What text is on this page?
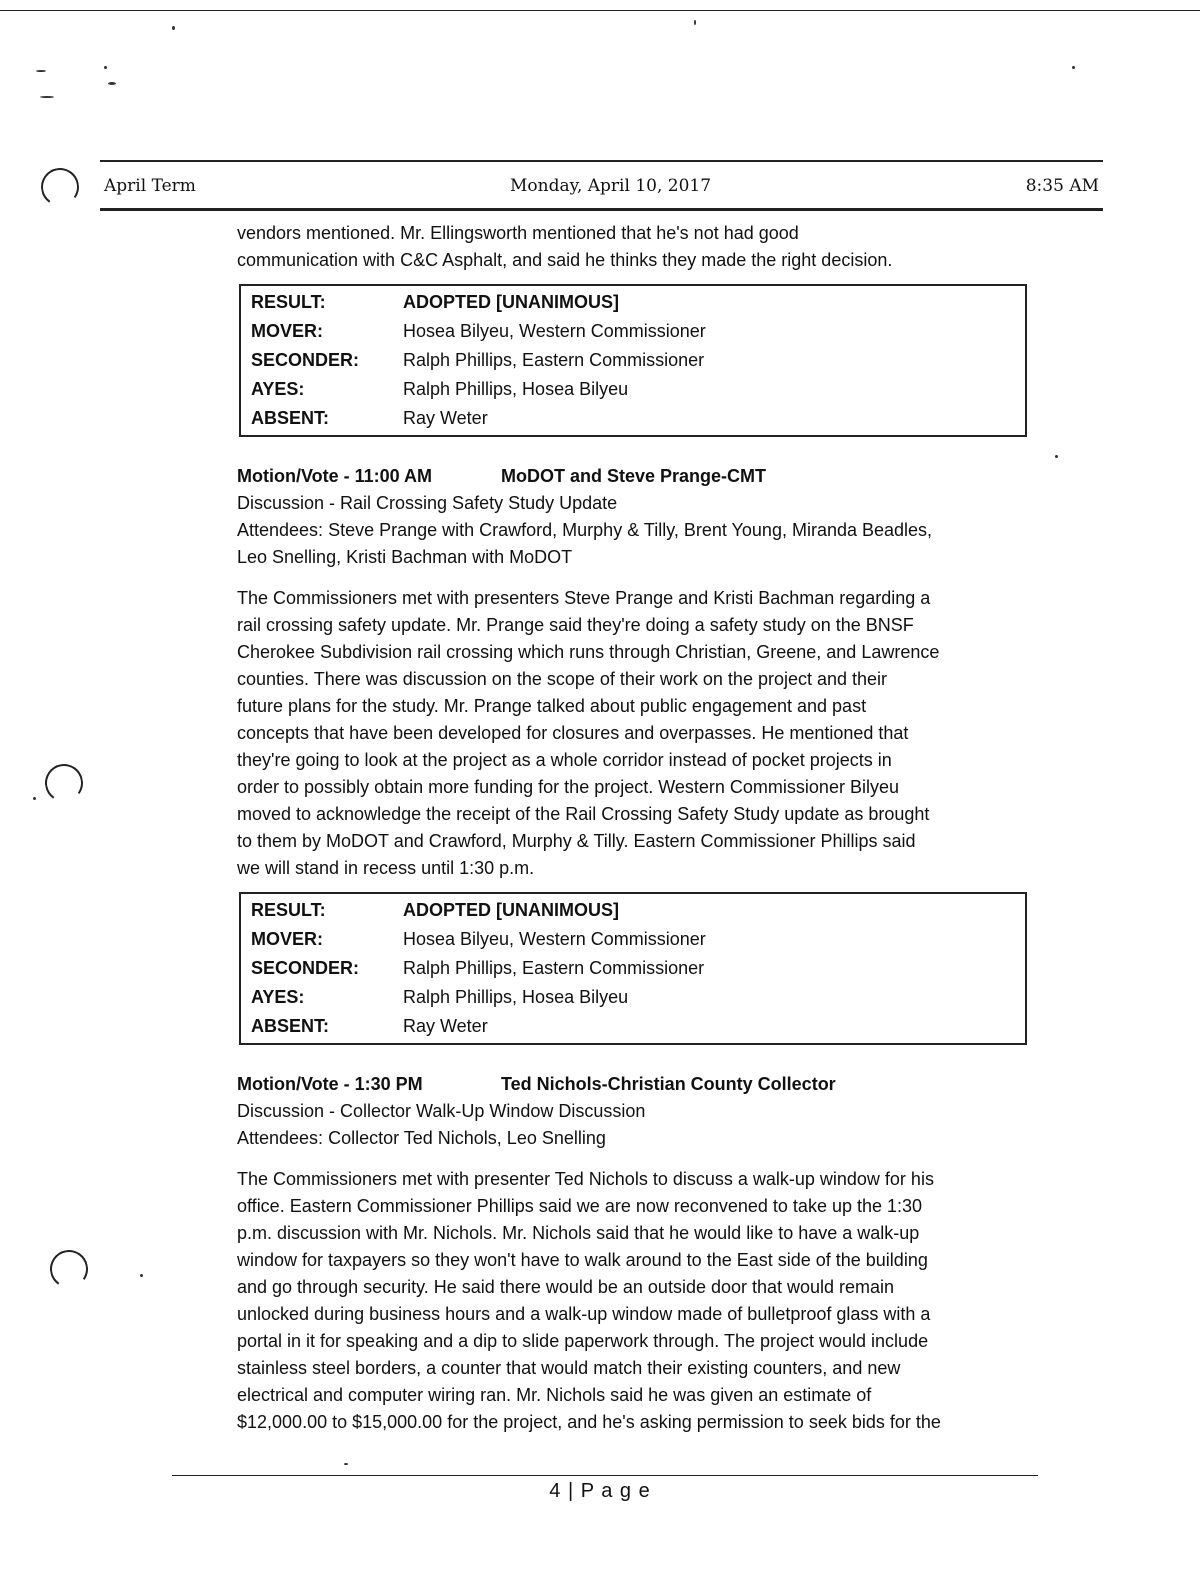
April Term	Monday, April 10, 2017	8:35 AM
vendors mentioned. Mr. Ellingsworth mentioned that he's not had good
communication with C&C Asphalt, and said he thinks they made the right decision.
RESULT:	ADOPTED [UNANIMOUS]
MOVER:	Hosea Bilyeu, Western Commissioner
SECONDER:	Ralph Phillips, Eastern Commissioner
AYES:	Ralph Phillips, Hosea Bilyeu
ABSENT:	Ray Weter
Motion/Vote - 11:00 AM	MoDOT and Steve Prange-CMT
Discussion - Rail Crossing Safety Study Update
Attendees: Steve Prange with Crawford, Murphy & Tilly, Brent Young, Miranda Beadles,
Leo Snelling, Kristi Bachman with MoDOT
The Commissioners met with presenters Steve Prange and Kristi Bachman regarding a
rail crossing safety update. Mr. Prange said they're doing a safety study on the BNSF
Cherokee Subdivision rail crossing which runs through Christian, Greene, and Lawrence
counties. There was discussion on the scope of their work on the project and their
future plans for the study. Mr. Prange talked about public engagement and past
concepts that have been developed for closures and overpasses. He mentioned that
they're going to look at the project as a whole corridor instead of pocket projects in
order to possibly obtain more funding for the project. Western Commissioner Bilyeu
moved to acknowledge the receipt of the Rail Crossing Safety Study update as brought
to them by MoDOT and Crawford, Murphy & Tilly. Eastern Commissioner Phillips said
we will stand in recess until 1:30 p.m.
RESULT:	ADOPTED [UNANIMOUS]
MOVER:	Hosea Bilyeu, Western Commissioner
SECONDER:	Ralph Phillips, Eastern Commissioner
AYES:	Ralph Phillips, Hosea Bilyeu
ABSENT:	Ray Weter
Motion/Vote - 1:30 PM	Ted Nichols-Christian County Collector
Discussion - Collector Walk-Up Window Discussion
Attendees: Collector Ted Nichols, Leo Snelling
The Commissioners met with presenter Ted Nichols to discuss a walk-up window for his
office. Eastern Commissioner Phillips said we are now reconvened to take up the 1:30
p.m. discussion with Mr. Nichols. Mr. Nichols said that he would like to have a walk-up
window for taxpayers so they won't have to walk around to the East side of the building
and go through security. He said there would be an outside door that would remain
unlocked during business hours and a walk-up window made of bulletproof glass with a
portal in it for speaking and a dip to slide paperwork through. The project would include
stainless steel borders, a counter that would match their existing counters, and new
electrical and computer wiring ran. Mr. Nichols said he was given an estimate of
$12,000.00 to $15,000.00 for the project, and he's asking permission to seek bids for the
4 | P a g e
